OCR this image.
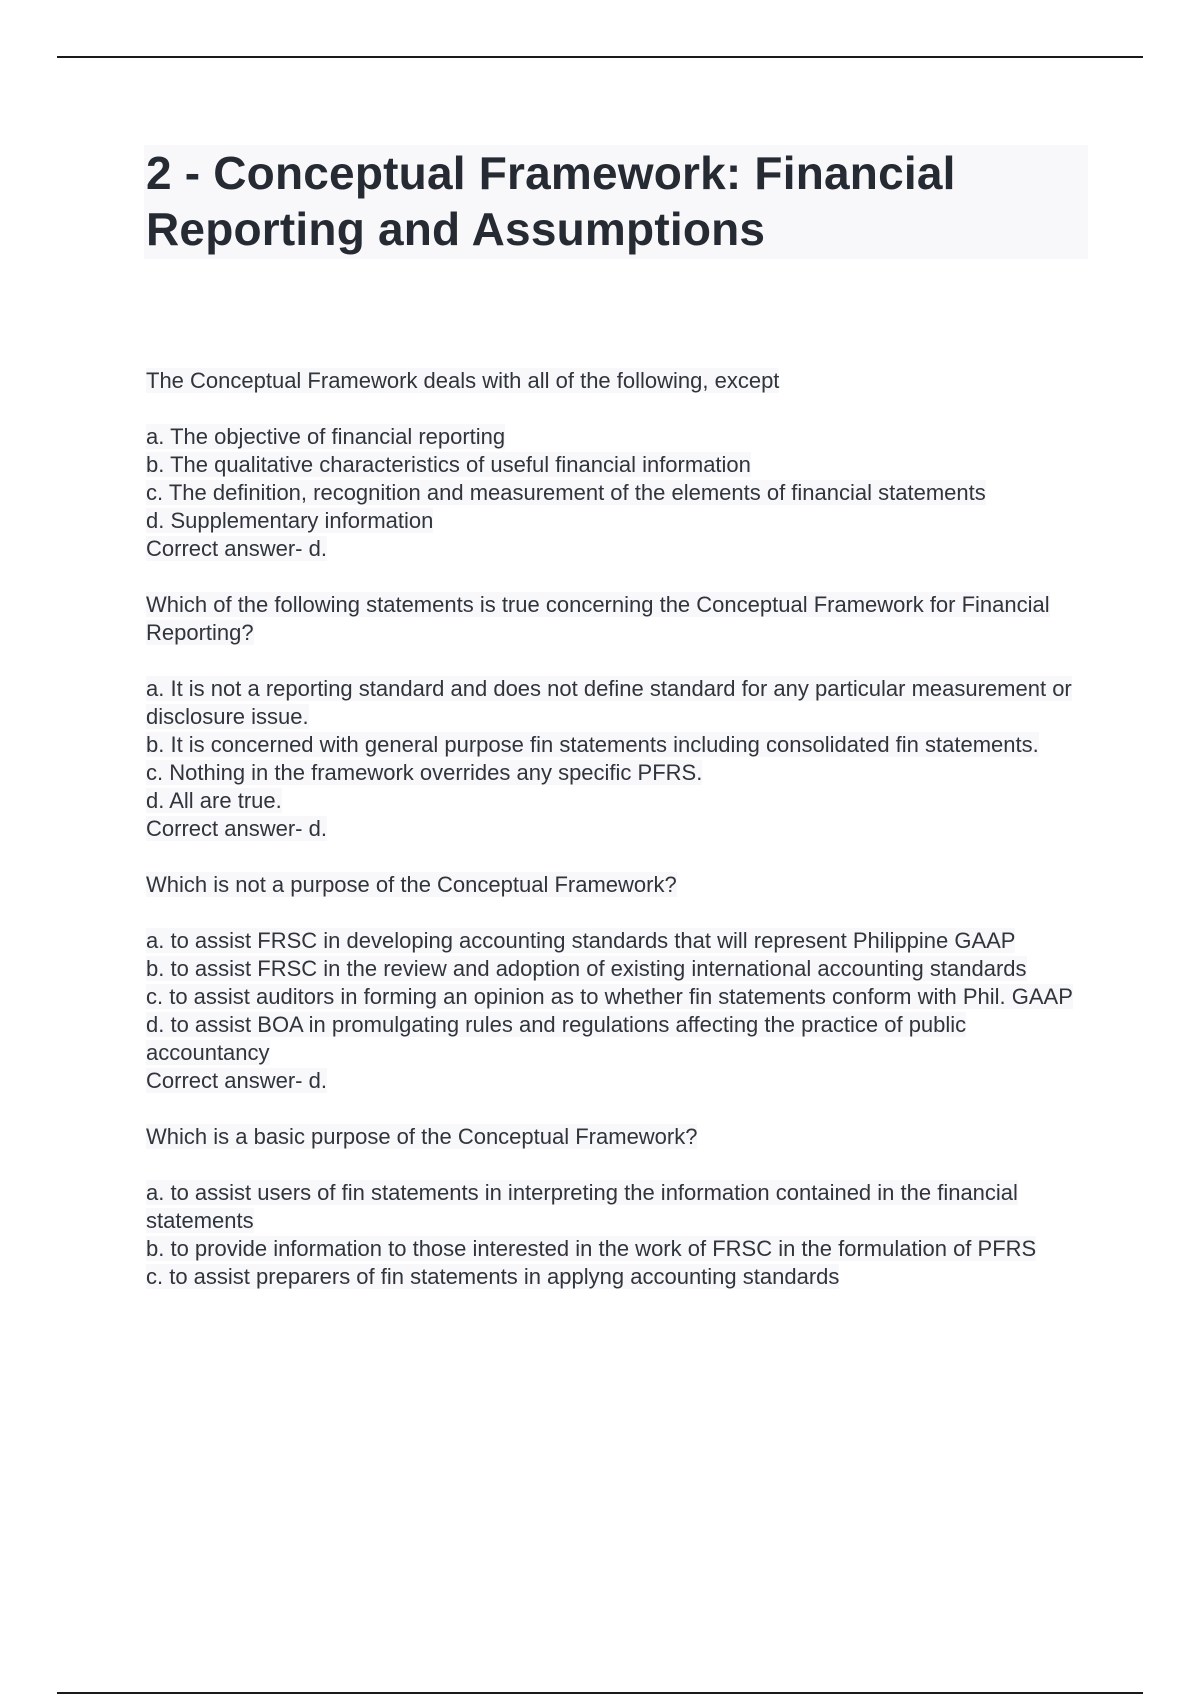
2 - Conceptual Framework: Financial Reporting and Assumptions
The Conceptual Framework deals with all of the following, except
a. The objective of financial reporting
b. The qualitative characteristics of useful financial information
c. The definition, recognition and measurement of the elements of financial statements
d. Supplementary information
Correct answer- d.
Which of the following statements is true concerning the Conceptual Framework for Financial Reporting?
a. It is not a reporting standard and does not define standard for any particular measurement or disclosure issue.
b. It is concerned with general purpose fin statements including consolidated fin statements.
c. Nothing in the framework overrides any specific PFRS.
d. All are true.
Correct answer- d.
Which is not a purpose of the Conceptual Framework?
a. to assist FRSC in developing accounting standards that will represent Philippine GAAP
b. to assist FRSC in the review and adoption of existing international accounting standards
c. to assist auditors in forming an opinion as to whether fin statements conform with Phil. GAAP
d. to assist BOA in promulgating rules and regulations affecting the practice of public accountancy
Correct answer- d.
Which is a basic purpose of the Conceptual Framework?
a. to assist users of fin statements in interpreting the information contained in the financial statements
b. to provide information to those interested in the work of FRSC in the formulation of PFRS
c. to assist preparers of fin statements in applyng accounting standards
